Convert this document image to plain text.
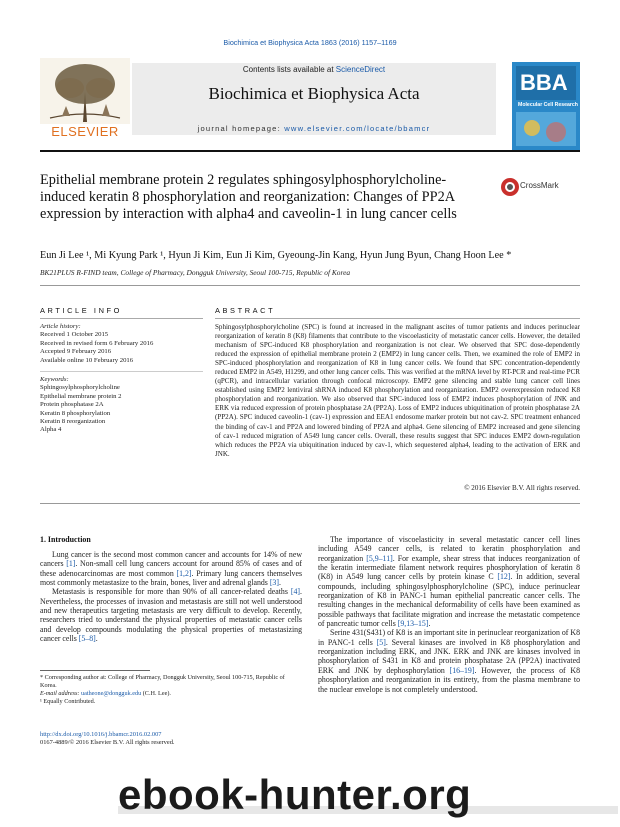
Biochimica et Biophysica Acta 1863 (2016) 1157–1169
ELSEVIER
Contents lists available at ScienceDirect
Biochimica et Biophysica Acta
journal homepage: www.elsevier.com/locate/bbamcr
BBA
Molecular Cell Research
Epithelial membrane protein 2 regulates sphingosylphosphorylcholine-induced keratin 8 phosphorylation and reorganization: Changes of PP2A expression by interaction with alpha4 and caveolin-1 in lung cancer cells
CrossMark
Eun Ji Lee ¹, Mi Kyung Park ¹, Hyun Ji Kim, Eun Ji Kim, Gyeoung-Jin Kang, Hyun Jung Byun, Chang Hoon Lee *
BK21PLUS R-FIND team, College of Pharmacy, Dongguk University, Seoul 100-715, Republic of Korea
ARTICLE INFO	ABSTRACT
Article history:
Received 1 October 2015
Received in revised form 6 February 2016
Accepted 9 February 2016
Available online 10 February 2016
Keywords:
Sphingosylphosphorylcholine
Epithelial membrane protein 2
Protein phosphatase 2A
Keratin 8 phosphorylation
Keratin 8 reorganization
Alpha 4
Sphingosylphosphorylcholine (SPC) is found at increased in the malignant ascites of tumor patients and induces perinuclear reorganization of keratin 8 (K8) filaments that contribute to the viscoelasticity of metastatic cancer cells. However, the detailed mechanism of SPC-induced K8 phosphorylation and reorganization is not clear. We observed that SPC dose-dependently reduced the expression of epithelial membrane protein 2 (EMP2) in lung cancer cells. Then, we examined the role of EMP2 in SPC-induced phosphorylation and reorganization of K8 in lung cancer cells. We found that SPC concentration-dependently reduced EMP2 in A549, H1299, and other lung cancer cells. This was verified at the mRNA level by RT-PCR and real-time PCR (qPCR), and intracellular variation through confocal microscopy. EMP2 gene silencing and stable lung cancer cell lines established using EMP2 lentiviral shRNA induced K8 phosphorylation and reorganization. EMP2 overexpression reduced K8 phosphorylation and reorganization. We also observed that SPC-induced loss of EMP2 induces phosphorylation of JNK and ERK via reduced expression of protein phosphatase 2A (PP2A). Loss of EMP2 induces ubiquitination of protein phosphatase 2A (PP2A). SPC induced caveolin-1 (cav-1) expression and EEA1 endosome marker protein but not cav-2. SPC treatment enhanced the binding of cav-1 and PP2A and lowered binding of PP2A and alpha4. Gene silencing of EMP2 increased and gene silencing of cav-1 reduced migration of A549 lung cancer cells. Overall, these results suggest that SPC induces EMP2 down-regulation which reduces the PP2A via ubiquitination induced by cav-1, which sequestered alpha4, leading to the activation of ERK and JNK.
© 2016 Elsevier B.V. All rights reserved.
1. Introduction

Lung cancer is the second most common cancer and accounts for 14% of new cancers [1]. Non-small cell lung cancers account for around 85% of cases and of these adenocarcinomas are most common [1,2]. Primary lung cancers themselves most commonly metastasize to the brain, bones, liver and adrenal glands [3].

Metastasis is responsible for more than 90% of all cancer-related deaths [4]. Nevertheless, the processes of invasion and metastasis are still not well understood and new therapeutics targeting metastasis are very difficult to develop. Recently, researchers tried to understand the physical properties of metastatic cancer cells and develop compounds modulating the physical properties of metastasizing cancer cells [5–8].

The importance of viscoelasticity in several metastatic cancer cell lines including A549 cancer cells, is related to keratin phosphorylation and reorganization [5,9–11]. For example, shear stress that induces reorganization of the keratin intermediate filament network requires phosphorylation of keratin 8 (K8) in A549 lung cancer cells by protein kinase C [12]. In addition, several compounds, including sphingosylphosphorylcholine (SPC), induce perinuclear reorganization of K8 in PANC-1 human epithelial pancreatic cancer cells. The resulting changes in the mechanical deformability of cells have been examined as possible pathways that facilitate migration and increase the metastatic competence of pancreatic tumor cells [9,13–15].

Serine 431(S431) of K8 is an important site in perinuclear reorganization of K8 in PANC-1 cells [5]. Several kinases are involved in K8 phosphorylation and reorganization including ERK, and JNK. ERK and JNK are kinases involved in phosphorylation of S431 in K8 and protein phosphatase 2A (PP2A) inactivated ERK and JNK by dephosphorylation [16–19]. However, the process of K8 phosphorylation and reorganization in its entirety, from the plasma membrane to the nuclear envelope is not completely understood.

* Corresponding author at: College of Pharmacy, Dongguk University, Seoul 100-715, Republic of Korea.
E-mail address: uatheone@dongguk.edu (C.H. Lee).
¹ Equally Contributed.
http://dx.doi.org/10.1016/j.bbamcr.2016.02.007
0167-4889/© 2016 Elsevier B.V. All rights reserved.
ebook-hunter.org
